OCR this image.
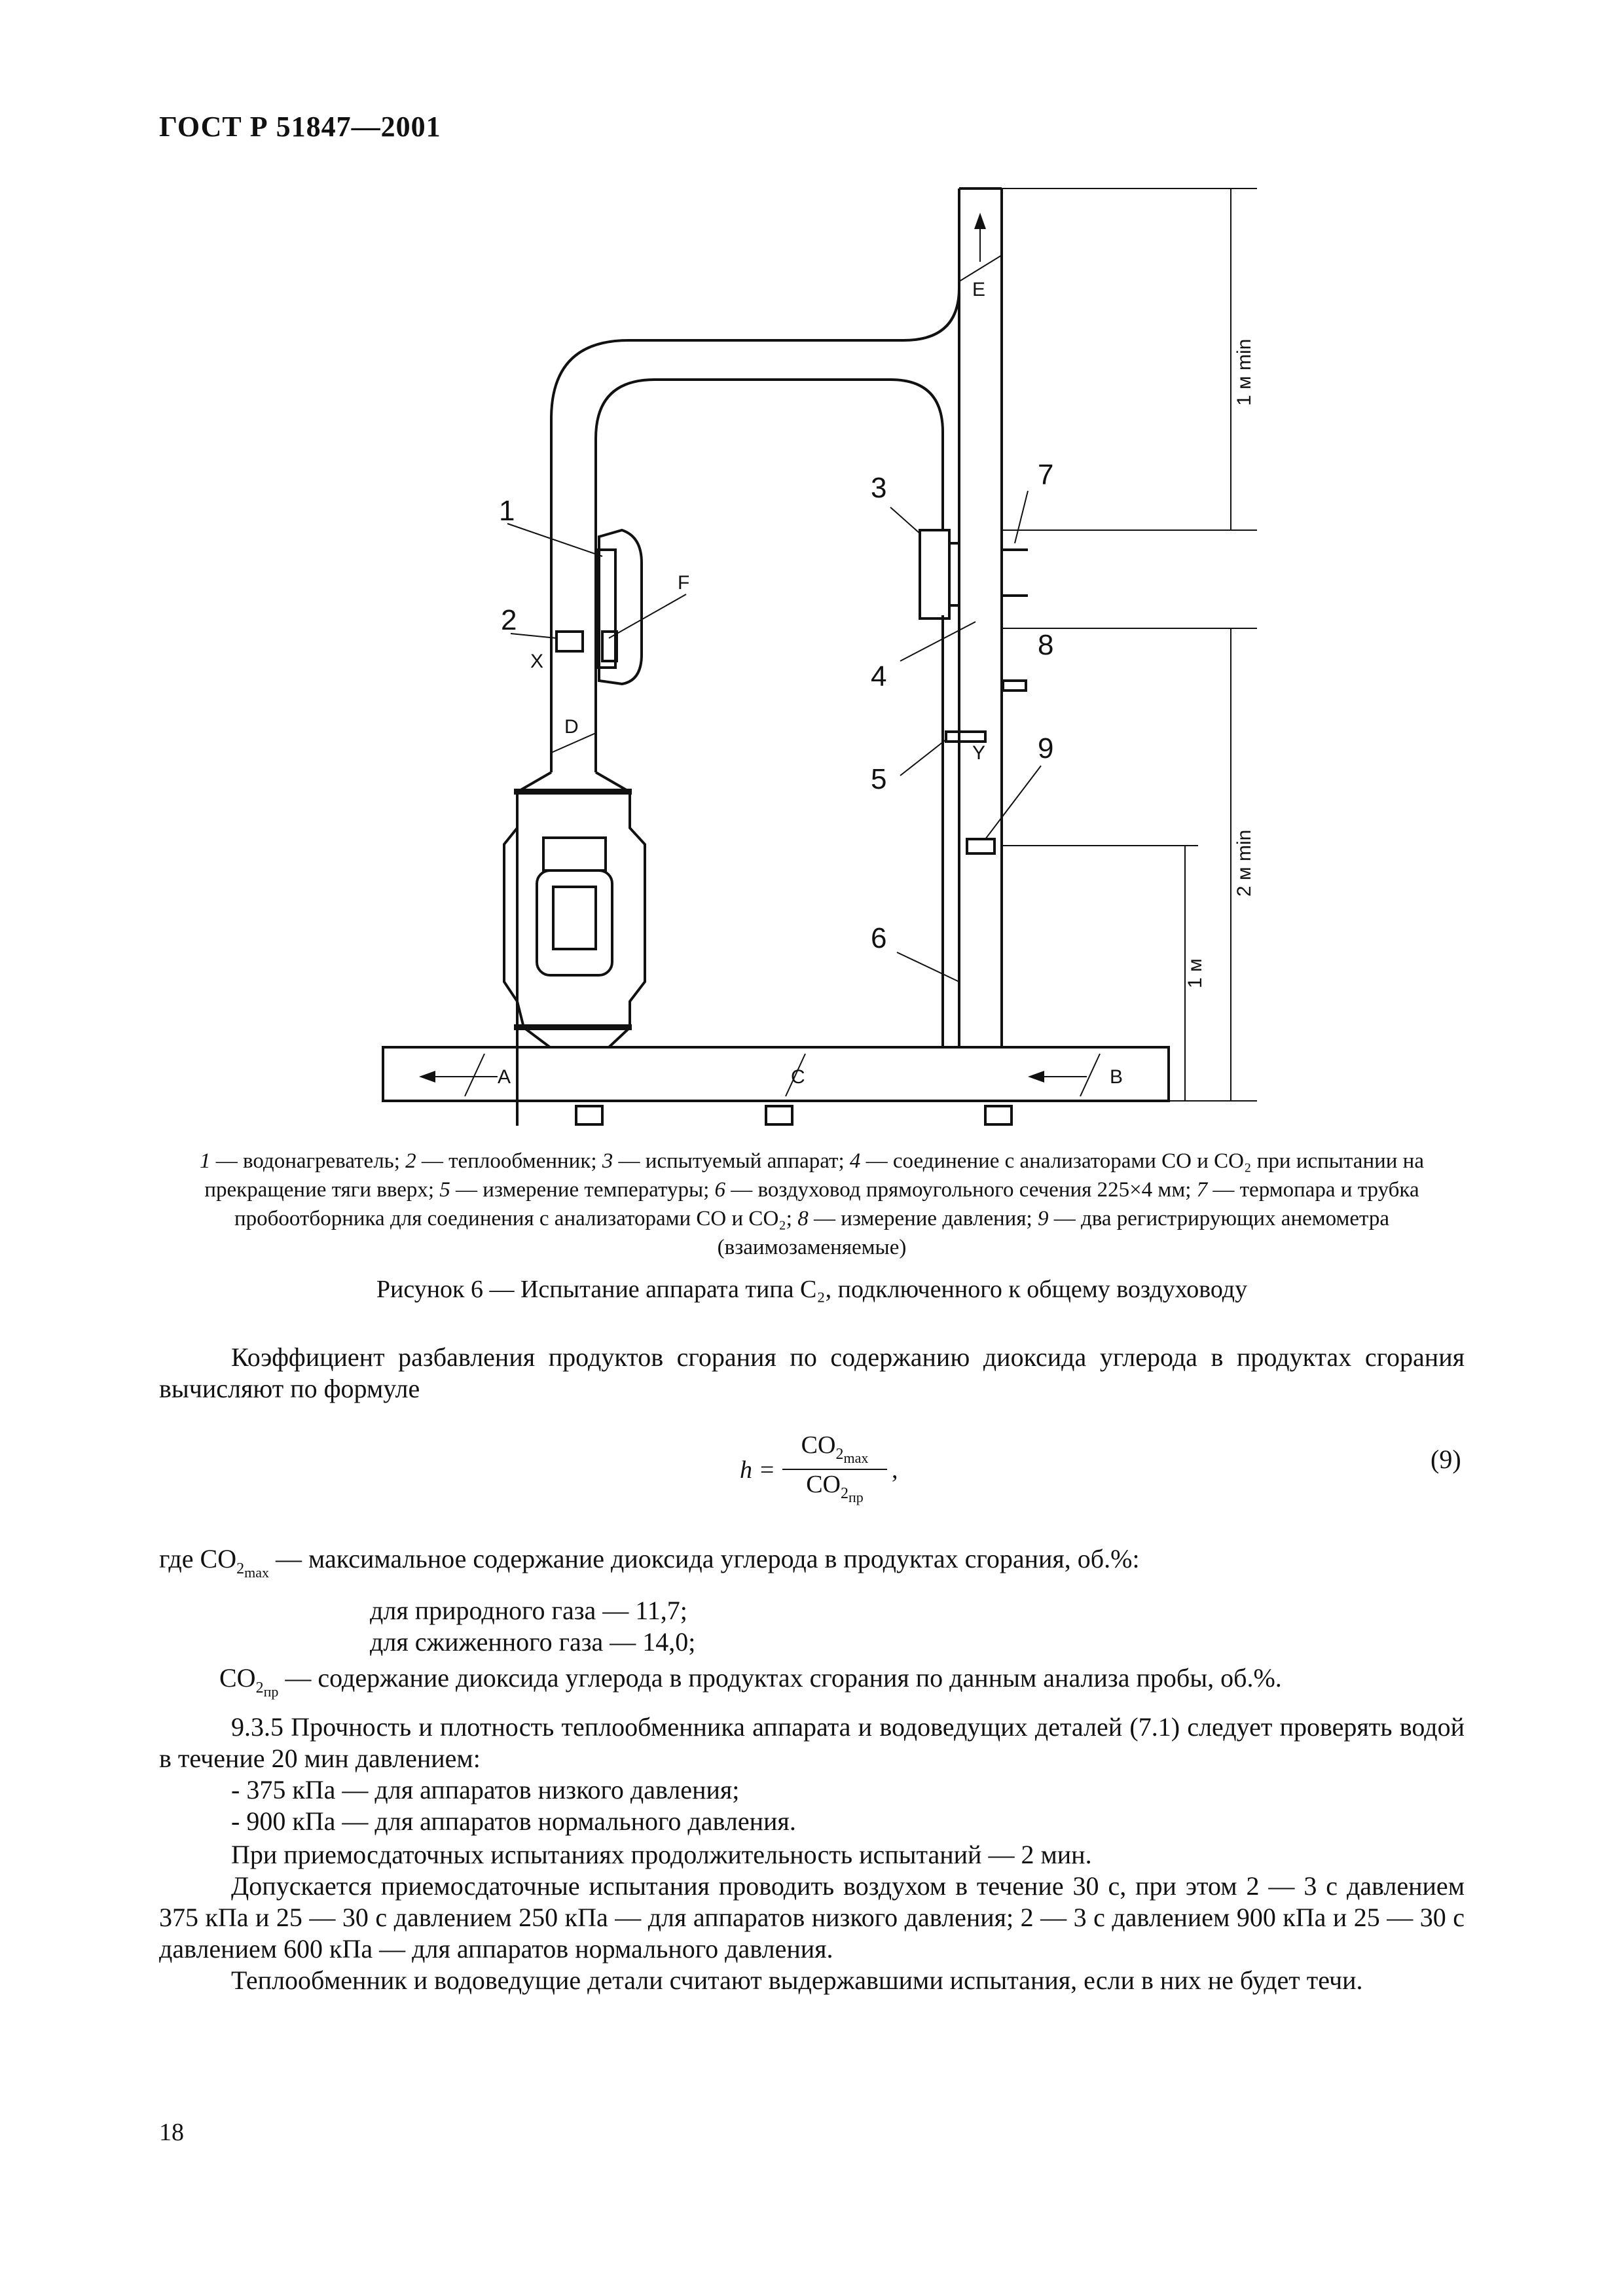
ГОСТ Р 51847—2001
1
2
3
4
5
6
7
8
9
A	B
C
D
E
F
X
Y
1 м min
2 м min
1 м
1 — водонагреватель; 2 — теплообменник; 3 — испытуемый аппарат; 4 — соединение с анализаторами СО и СО₂ при испытании на прекращение тяги вверх; 5 — измерение температуры; 6 — воздуховод прямоугольного сечения 225×4 мм; 7 — термопара и трубка пробоотборника для соединения с анализаторами СО и СО₂; 8 — измерение давления; 9 — два регистрирующих анемометра (взаимозаменяемые)
Рисунок 6 — Испытание аппарата типа С₂, подключенного к общему воздуховоду
Коэффициент разбавления продуктов сгорания по содержанию диоксида углерода в продуктах сгорания вычисляют по формуле
h =
$CO_{2_{max}}$
$CO_{2_{пр}}$
,	(9)
где $CO_{2_{max}}$ — максимальное содержание диоксида углерода в продуктах сгорания, об.%:
для природного газа — 11,7;
для сжиженного газа — 14,0;
$CO_{2_{пр}}$ — содержание диоксида углерода в продуктах сгорания по данным анализа пробы, об.%.
9.3.5 Прочность и плотность теплообменника аппарата и водоведущих деталей (7.1) следует проверять водой в течение 20 мин давлением:
- 375 кПа — для аппаратов низкого давления;
- 900 кПа — для аппаратов нормального давления.
При приемосдаточных испытаниях продолжительность испытаний — 2 мин.
Допускается приемосдаточные испытания проводить воздухом в течение 30 с, при этом 2 — 3 с давлением 375 кПа и 25 — 30 с давлением 250 кПа — для аппаратов низкого давления; 2 — 3 с давлением 900 кПа и 25 — 30 с давлением 600 кПа — для аппаратов нормального давления.
Теплообменник и водоведущие детали считают выдержавшими испытания, если в них не будет течи.
18
